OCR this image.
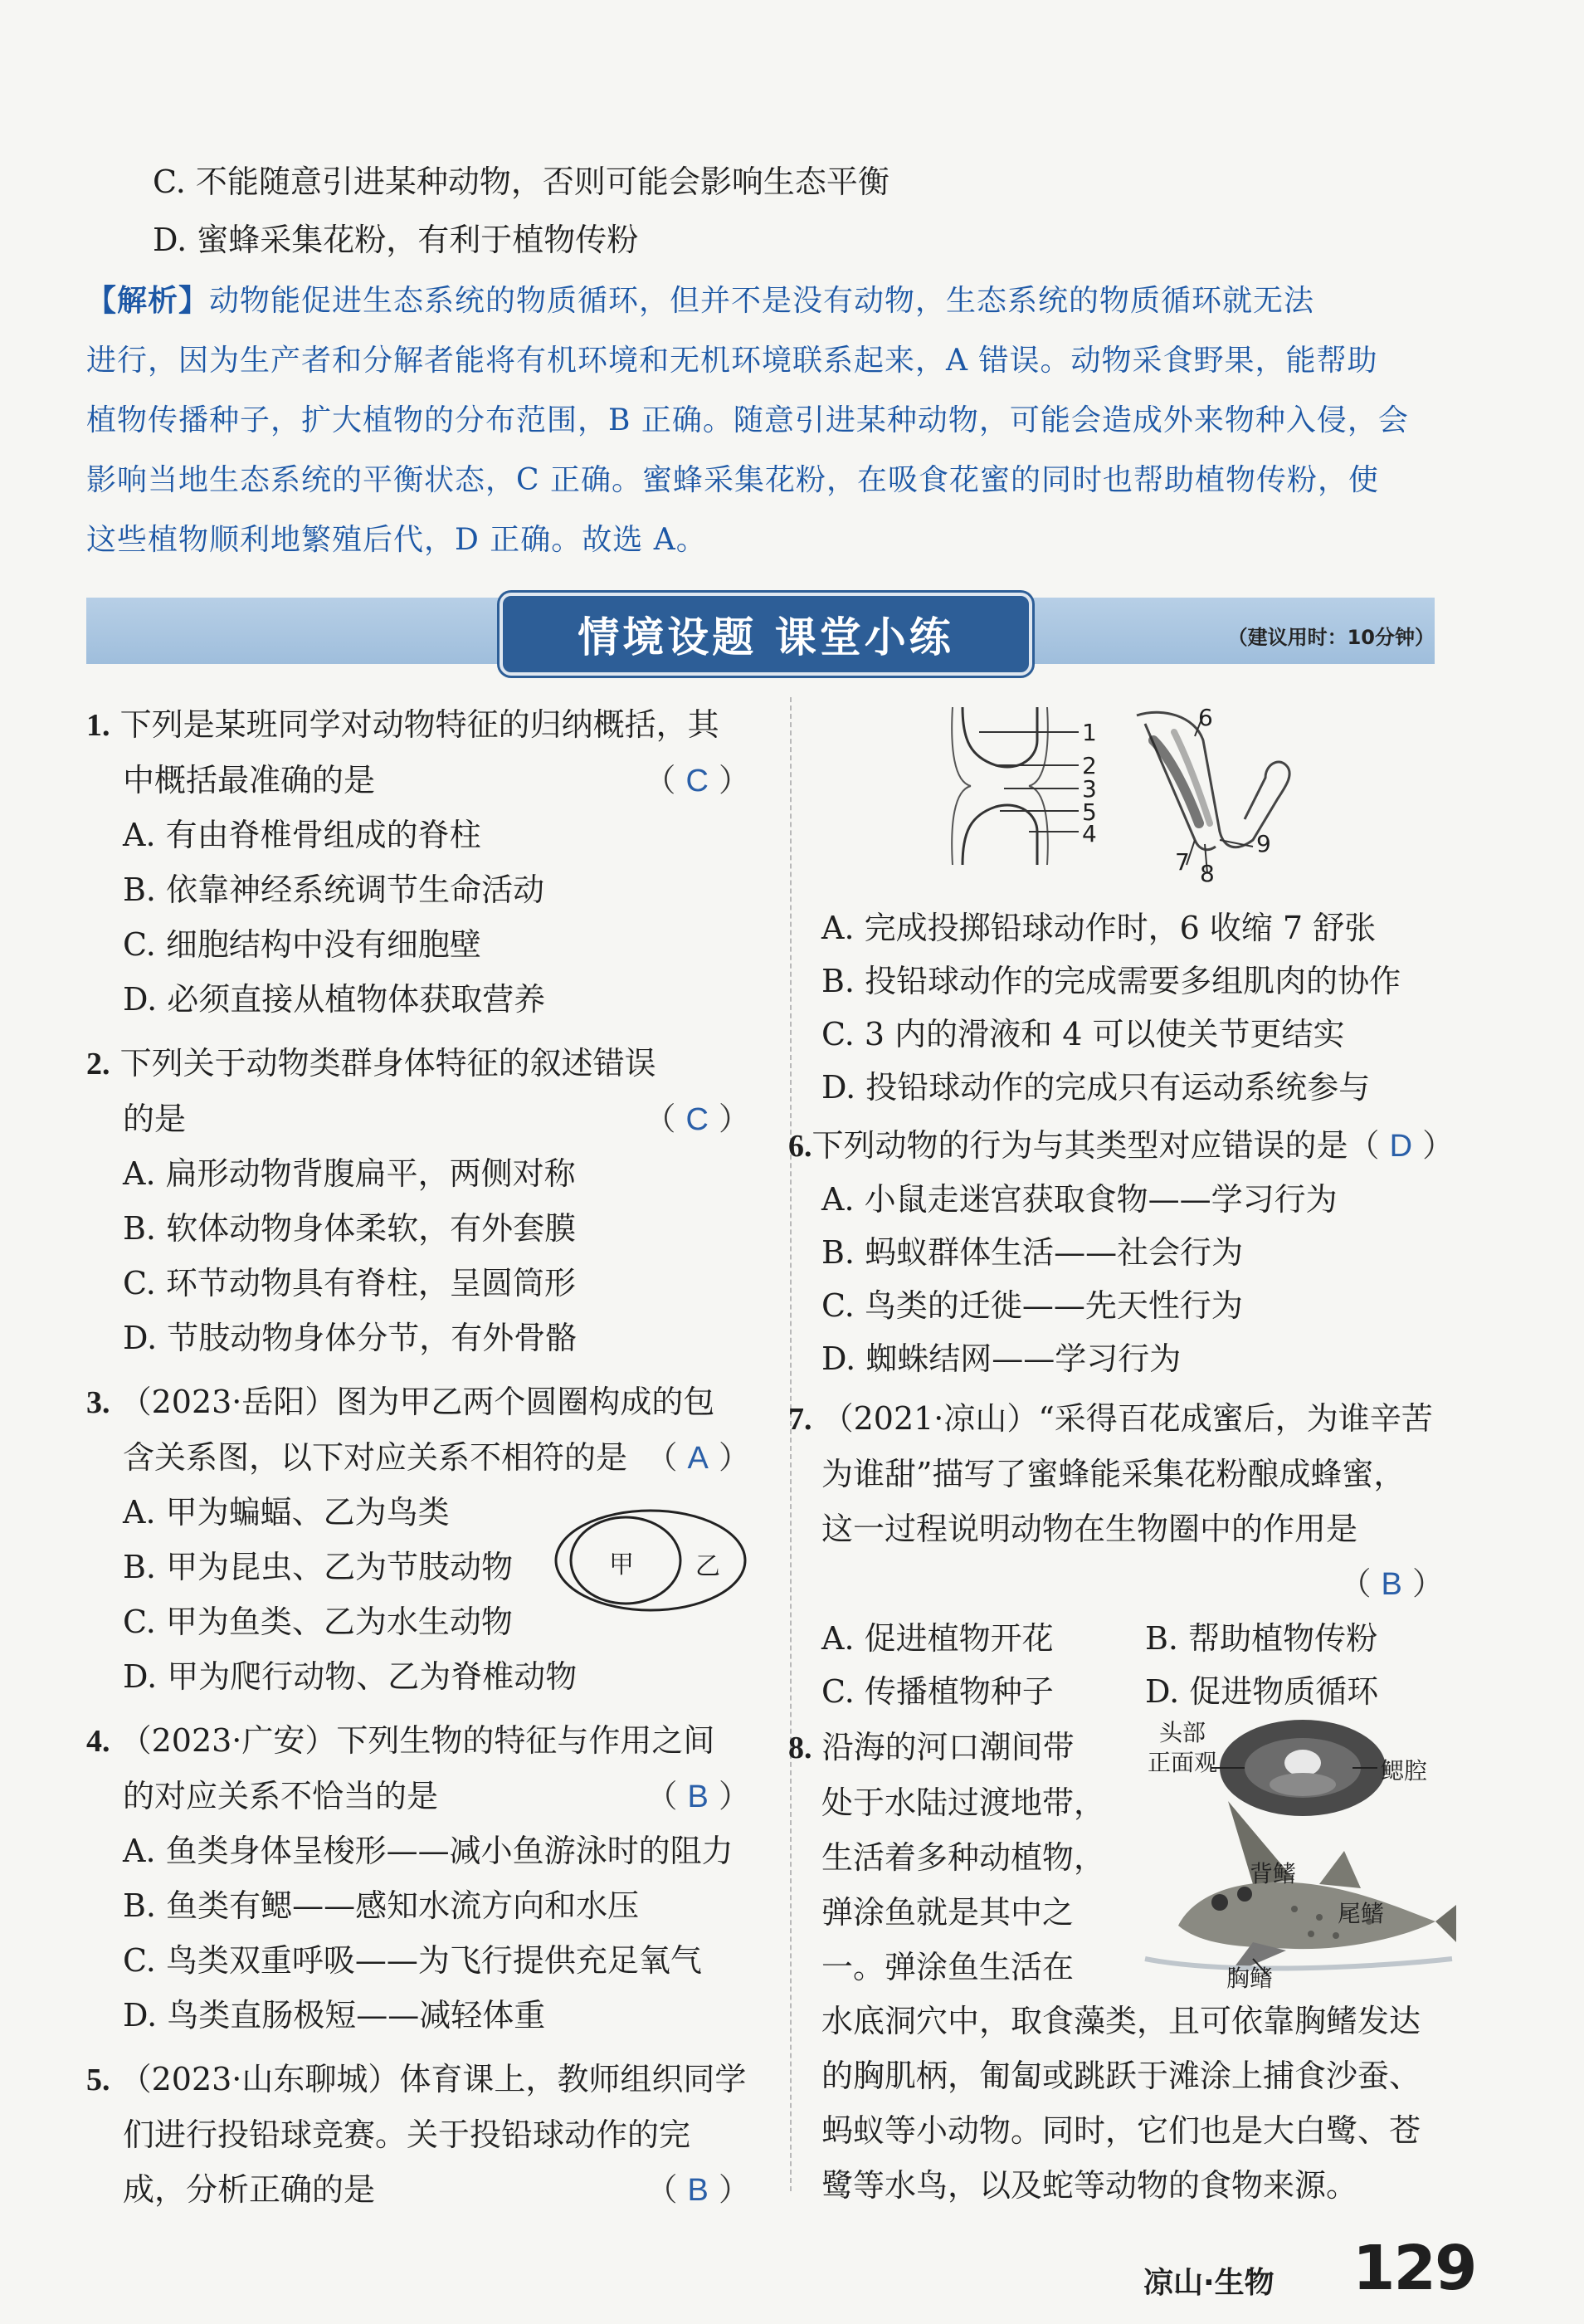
C. 不能随意引进某种动物，否则可能会影响生态平衡
D. 蜜蜂采集花粉，有利于植物传粉
【解析】动物能促进生态系统的物质循环，但并不是没有动物，生态系统的物质循环就无法
进行，因为生产者和分解者能将有机环境和无机环境联系起来，A 错误。动物采食野果，能帮助
植物传播种子，扩大植物的分布范围，B 正确。随意引进某种动物，可能会造成外来物种入侵，会
影响当地生态系统的平衡状态，C 正确。蜜蜂采集花粉，在吸食花蜜的同时也帮助植物传粉，使
这些植物顺利地繁殖后代，D 正确。故选 A。
情境设题 课堂小练	（建议用时：10分钟）
1. 下列是某班同学对动物特征的归纳概括，其
中概括最准确的是	（ C ）
A. 有由脊椎骨组成的脊柱
B. 依靠神经系统调节生命活动
C. 细胞结构中没有细胞壁
D. 必须直接从植物体获取营养
2. 下列关于动物类群身体特征的叙述错误
的是	（ C ）
A. 扁形动物背腹扁平，两侧对称
B. 软体动物身体柔软，有外套膜
C. 环节动物具有脊柱，呈圆筒形
D. 节肢动物身体分节，有外骨骼
3. （2023·岳阳）图为甲乙两个圆圈构成的包
含关系图，以下对应关系不相符的是 （ A ）
A. 甲为蝙蝠、乙为鸟类
B. 甲为昆虫、乙为节肢动物
C. 甲为鱼类、乙为水生动物
D. 甲为爬行动物、乙为脊椎动物
甲 乙
4. （2023·广安）下列生物的特征与作用之间
的对应关系不恰当的是	（ B ）
A. 鱼类身体呈梭形——减小鱼游泳时的阻力
B. 鱼类有鳃——感知水流方向和水压
C. 鸟类双重呼吸——为飞行提供充足氧气
D. 鸟类直肠极短——减轻体重
5. （2023·山东聊城）体育课上，教师组织同学
们进行投铅球竞赛。关于投铅球动作的完
成，分析正确的是	（ B ）
1
2
3
5
4
6
7 8
9
A. 完成投掷铅球动作时，6 收缩 7 舒张
B. 投铅球动作的完成需要多组肌肉的协作
C. 3 内的滑液和 4 可以使关节更结实
D. 投铅球动作的完成只有运动系统参与
6.下列动物的行为与其类型对应错误的是（ D ）
A. 小鼠走迷宫获取食物——学习行为
B. 蚂蚁群体生活——社会行为
C. 鸟类的迁徙——先天性行为
D. 蜘蛛结网——学习行为
7. （2021·凉山）“采得百花成蜜后，为谁辛苦
为谁甜”描写了蜜蜂能采集花粉酿成蜂蜜，
这一过程说明动物在生物圈中的作用是
（ B ）
A. 促进植物开花	B. 帮助植物传粉
C. 传播植物种子	D. 促进物质循环
8. 沿海的河口潮间带
处于水陆过渡地带，
生活着多种动植物，
弹涂鱼就是其中之
一。弹涂鱼生活在
水底洞穴中，取食藻类，且可依靠胸鳍发达
的胸肌柄，匍匐或跳跃于滩涂上捕食沙蚕、
蚂蚁等小动物。同时，它们也是大白鹭、苍
鹭等水鸟，以及蛇等动物的食物来源。
头部
正面观	鳃腔
背鳍
尾鳍
胸鳍
凉山·生物 129
